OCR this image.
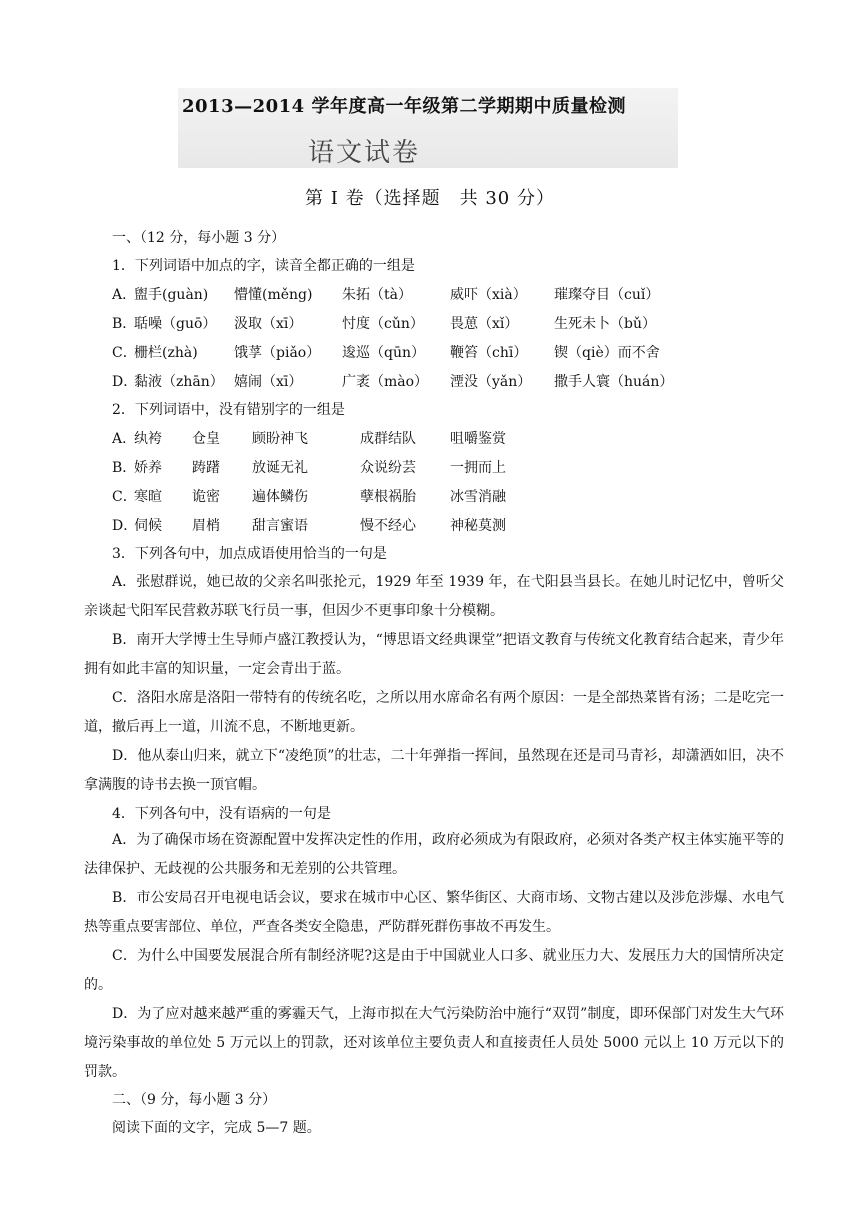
2013—2014 学年度高一年级第二学期期中质量检测
语文试卷
第 I 卷（选择题　共 30 分）
一、（12 分，每小题 3 分）
1．下列词语中加点的字，读音全都正确的一组是
A．
盥手(guàn) 懵懂(měng) 朱拓（tà）	威吓（xià） 璀璨夺目（cuǐ）
B．
聒噪（guō） 汲取（xī）	忖度（cǔn） 畏葸（xǐ）	生死未卜（bǔ）
C．
栅栏(zhà)	饿莩（piǎo） 逡巡（qūn） 鞭笞（chī） 锲（qiè）而不舍
D．
黏液（zhān） 嬉闹（xī）	广袤（mào） 湮没（yǎn） 撒手人寰（huán）
2．下列词语中，没有错别字的一组是
A．
纨袴 仓皇 顾盼神飞	成群结队 咀嚼鉴赏
B．
娇养 踌躇 放诞无礼	众说纷芸 一拥而上
C．
寒暄 诡密 遍体鳞伤	孽根祸胎 冰雪消融
D．
伺候 眉梢 甜言蜜语	慢不经心 神秘莫测
3．下列各句中，加点成语使用恰当的一句是
A．张慰群说，她已故的父亲名叫张抡元，1929 年至 1939 年，在弋阳县当县长。在她儿时记忆中，曾听父亲谈起弋阳军民营救苏联飞行员一事，但因少不更事印象十分模糊。
B．南开大学博士生导师卢盛江教授认为，“博思语文经典课堂”把语文教育与传统文化教育结合起来，青少年拥有如此丰富的知识量，一定会青出于蓝。
C．洛阳水席是洛阳一带特有的传统名吃，之所以用水席命名有两个原因：一是全部热菜皆有汤；二是吃完一道，撤后再上一道，川流不息，不断地更新。
D．他从泰山归来，就立下“凌绝顶”的壮志，二十年弹指一挥间，虽然现在还是司马青衫，却潇洒如旧，决不拿满腹的诗书去换一顶官帽。
4．下列各句中，没有语病的一句是
A．为了确保市场在资源配置中发挥决定性的作用，政府必须成为有限政府，必须对各类产权主体实施平等的法律保护、无歧视的公共服务和无差别的公共管理。
B．市公安局召开电视电话会议，要求在城市中心区、繁华街区、大商市场、文物古建以及涉危涉爆、水电气热等重点要害部位、单位，严查各类安全隐患，严防群死群伤事故不再发生。
C．为什么中国要发展混合所有制经济呢?这是由于中国就业人口多、就业压力大、发展压力大的国情所决定的。
D．为了应对越来越严重的雾霾天气，上海市拟在大气污染防治中施行“双罚”制度，即环保部门对发生大气环境污染事故的单位处 5 万元以上的罚款，还对该单位主要负责人和直接责任人员处 5000 元以上 10 万元以下的罚款。
二、（9 分，每小题 3 分）
阅读下面的文字，完成 5—7 题。
